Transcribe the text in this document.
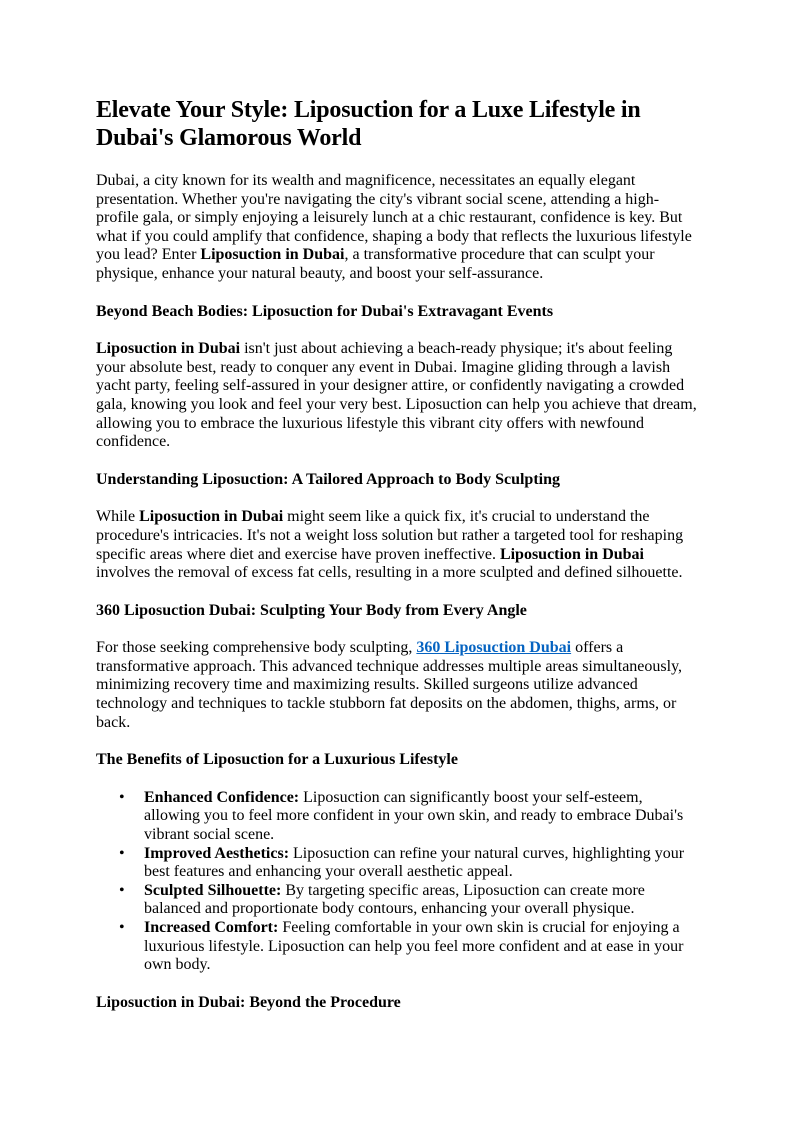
Elevate Your Style: Liposuction for a Luxe Lifestyle in Dubai's Glamorous World

Dubai, a city known for its wealth and magnificence, necessitates an equally elegant presentation. Whether you're navigating the city's vibrant social scene, attending a high-profile gala, or simply enjoying a leisurely lunch at a chic restaurant, confidence is key. But what if you could amplify that confidence, shaping a body that reflects the luxurious lifestyle you lead? Enter Liposuction in Dubai, a transformative procedure that can sculpt your physique, enhance your natural beauty, and boost your self-assurance.

Beyond Beach Bodies: Liposuction for Dubai's Extravagant Events

Liposuction in Dubai isn't just about achieving a beach-ready physique; it's about feeling your absolute best, ready to conquer any event in Dubai. Imagine gliding through a lavish yacht party, feeling self-assured in your designer attire, or confidently navigating a crowded gala, knowing you look and feel your very best. Liposuction can help you achieve that dream, allowing you to embrace the luxurious lifestyle this vibrant city offers with newfound confidence.

Understanding Liposuction: A Tailored Approach to Body Sculpting

While Liposuction in Dubai might seem like a quick fix, it's crucial to understand the procedure's intricacies. It's not a weight loss solution but rather a targeted tool for reshaping specific areas where diet and exercise have proven ineffective. Liposuction in Dubai involves the removal of excess fat cells, resulting in a more sculpted and defined silhouette.

360 Liposuction Dubai: Sculpting Your Body from Every Angle

For those seeking comprehensive body sculpting, 360 Liposuction Dubai offers a transformative approach. This advanced technique addresses multiple areas simultaneously, minimizing recovery time and maximizing results. Skilled surgeons utilize advanced technology and techniques to tackle stubborn fat deposits on the abdomen, thighs, arms, or back.

The Benefits of Liposuction for a Luxurious Lifestyle
• Enhanced Confidence: Liposuction can significantly boost your self-esteem, allowing you to feel more confident in your own skin, and ready to embrace Dubai's vibrant social scene.
• Improved Aesthetics: Liposuction can refine your natural curves, highlighting your best features and enhancing your overall aesthetic appeal.
• Sculpted Silhouette: By targeting specific areas, Liposuction can create more balanced and proportionate body contours, enhancing your overall physique.
• Increased Comfort: Feeling comfortable in your own skin is crucial for enjoying a luxurious lifestyle. Liposuction can help you feel more confident and at ease in your own body.
Liposuction in Dubai: Beyond the Procedure
